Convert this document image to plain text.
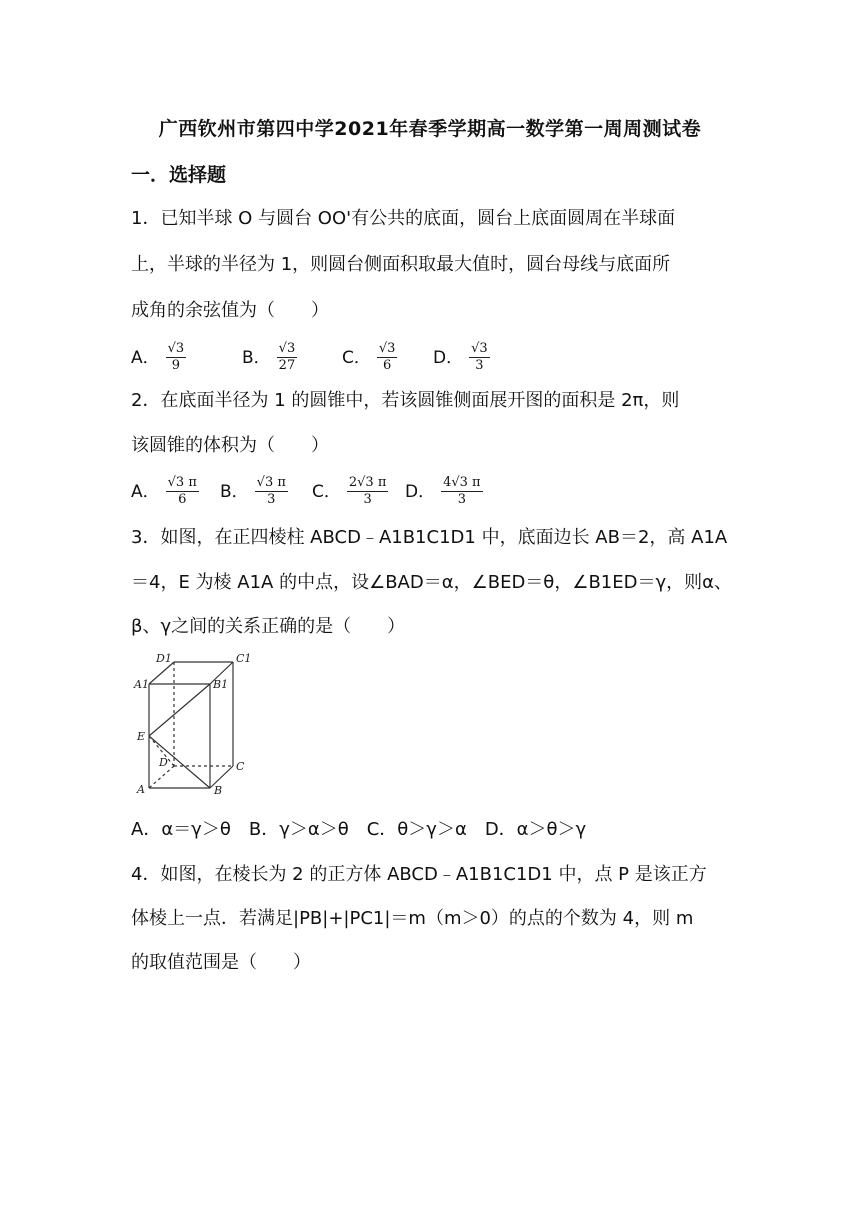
广西钦州市第四中学2021年春季学期高一数学第一周周测试卷
一．选择题
1．已知半球 O 与圆台 OO'有公共的底面，圆台上底面圆周在半球面
上，半球的半径为 1，则圆台侧面积取最大值时，圆台母线与底面所
成角的余弦值为（　　）
A． $\frac{√3}{9}$	B． $\frac{√3}{27}$	C． $\frac{√3}{6}$ D． $\frac{√3}{3}$
2．在底面半径为 1 的圆锥中，若该圆锥侧面展开图的面积是 2π，则
该圆锥的体积为（　　）
A． $\frac{√3 \pi}{6}$ B． $\frac{√3 \pi}{3}$ C． $\frac{2√3 \pi}{3}$ D． $\frac{4√3 \pi}{3}$
3．如图，在正四棱柱 ABCD﹣A1B1C1D1 中，底面边长 AB＝2，高 A1A
＝4，E 为棱 A1A 的中点，设∠BAD＝α，∠BED＝θ，∠B1ED＝γ，则α、
β、γ之间的关系正确的是（　　）
D1	C1
A1	B1
E
D	C
A	B
A．α＝γ＞θ　B．γ＞α＞θ　C．θ＞γ＞α　D．α＞θ＞γ
4．如图，在棱长为 2 的正方体 ABCD﹣A1B1C1D1 中，点 P 是该正方
体棱上一点．若满足|PB|+|PC1|＝m（m＞0）的点的个数为 4，则 m
的取值范围是（　　）
